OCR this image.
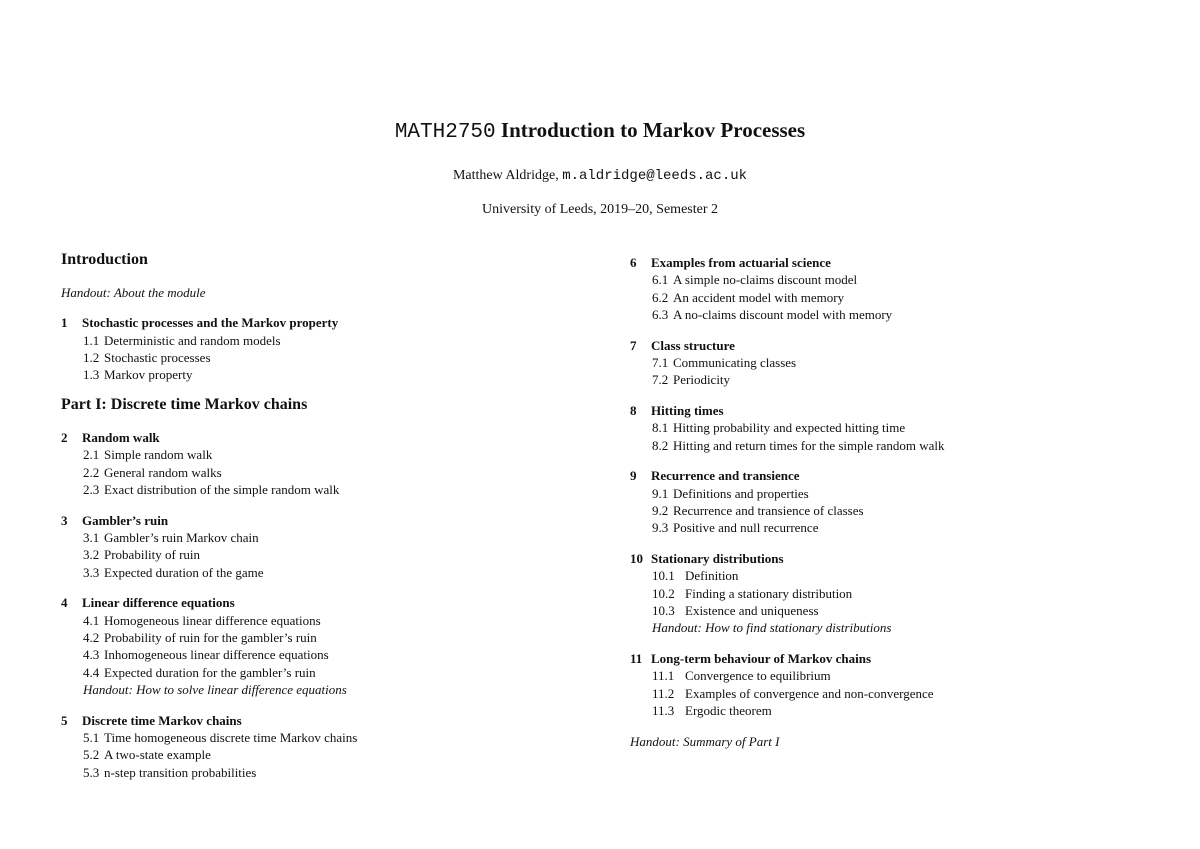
MATH2750 Introduction to Markov Processes
Matthew Aldridge, m.aldridge@leeds.ac.uk
University of Leeds, 2019–20, Semester 2
Introduction
Handout: About the module
1 Stochastic processes and the Markov property
1.1 Deterministic and random models
1.2 Stochastic processes
1.3 Markov property
Part I: Discrete time Markov chains
2 Random walk
2.1 Simple random walk
2.2 General random walks
2.3 Exact distribution of the simple random walk
3 Gambler’s ruin
3.1 Gambler’s ruin Markov chain
3.2 Probability of ruin
3.3 Expected duration of the game
4 Linear difference equations
4.1 Homogeneous linear difference equations
4.2 Probability of ruin for the gambler’s ruin
4.3 Inhomogeneous linear difference equations
4.4 Expected duration for the gambler’s ruin
Handout: How to solve linear difference equations
5 Discrete time Markov chains
5.1 Time homogeneous discrete time Markov chains
5.2 A two-state example
5.3 n-step transition probabilities
6 Examples from actuarial science
6.1 A simple no-claims discount model
6.2 An accident model with memory
6.3 A no-claims discount model with memory
7 Class structure
7.1 Communicating classes
7.2 Periodicity
8 Hitting times
8.1 Hitting probability and expected hitting time
8.2 Hitting and return times for the simple random walk
9 Recurrence and transience
9.1 Definitions and properties
9.2 Recurrence and transience of classes
9.3 Positive and null recurrence
10 Stationary distributions
10.1 Definition
10.2 Finding a stationary distribution
10.3 Existence and uniqueness
Handout: How to find stationary distributions
11 Long-term behaviour of Markov chains
11.1 Convergence to equilibrium
11.2 Examples of convergence and non-convergence
11.3 Ergodic theorem
Handout: Summary of Part I
